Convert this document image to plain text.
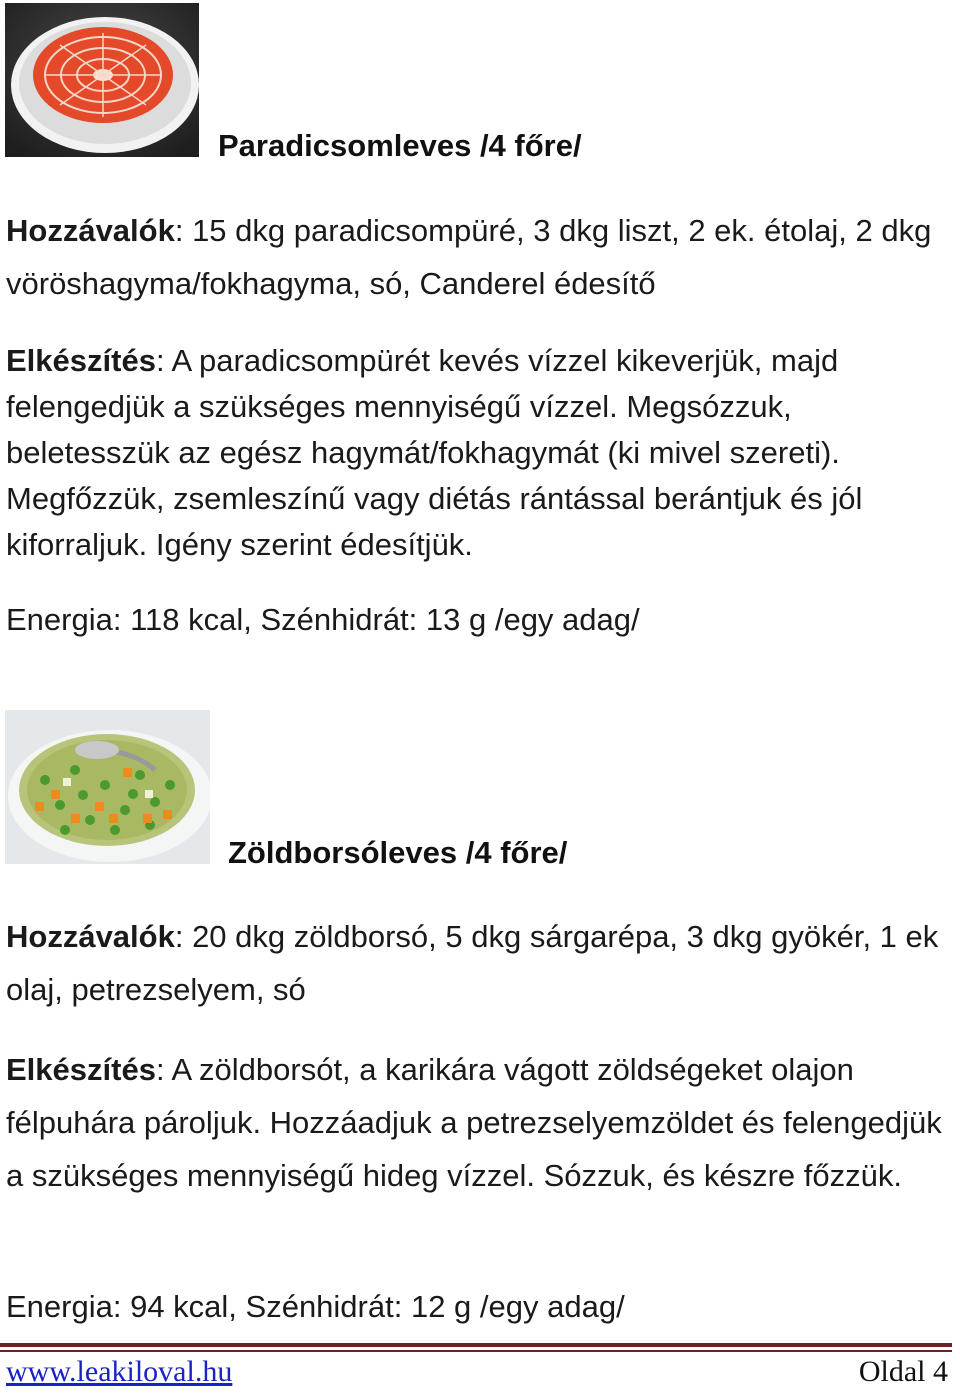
Paradicsomleves /4 főre/
Hozzávalók: 15 dkg paradicsompüré, 3 dkg liszt, 2 ek. étolaj, 2 dkg vöröshagyma/fokhagyma, só, Canderel édesítő
Elkészítés: A paradicsompürét kevés vízzel kikeverjük, majd felengedjük a szükséges mennyiségű vízzel. Megsózzuk, beletesszük az egész hagymát/fokhagymát (ki mivel szereti). Megfőzzük, zsemleszínű vagy diétás rántással berántjuk és jól kiforraljuk. Igény szerint édesítjük.
Energia: 118 kcal, Szénhidrát: 13 g /egy adag/
Zöldborsóleves /4 főre/
Hozzávalók: 20 dkg zöldborsó, 5 dkg sárgarépa, 3 dkg gyökér, 1 ek olaj, petrezselyem, só
Elkészítés: A zöldborsót, a karikára vágott zöldségeket olajon félpuhára pároljuk. Hozzáadjuk a petrezselyemzöldet és felengedjük a szükséges mennyiségű hideg vízzel. Sózzuk, és készre főzzük.
Energia: 94 kcal, Szénhidrát: 12 g /egy adag/
www.leakiloval.hu	Oldal 4
